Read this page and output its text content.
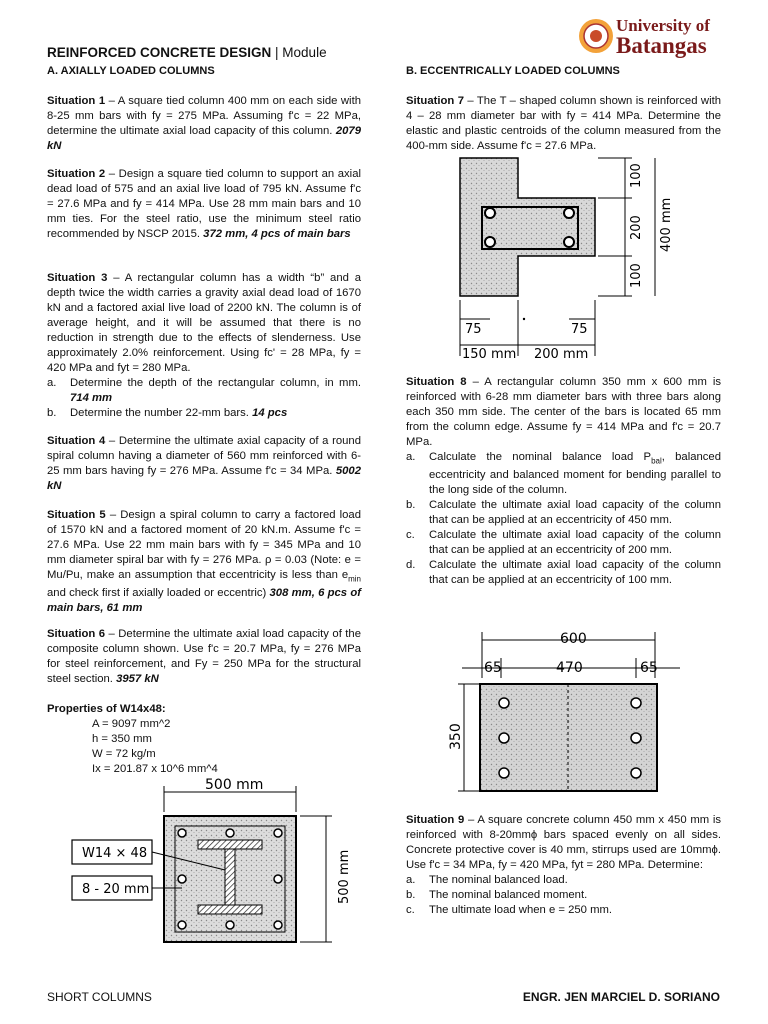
University of
Batangas
REINFORCED CONCRETE DESIGN | Module
A. AXIALLY LOADED COLUMNS
Situation 1 – A square tied column 400 mm on each side with 8-25 mm bars with fy = 275 MPa. Assuming f'c = 22 MPa, determine the ultimate axial load capacity of this column. 2079 kN
Situation 2 – Design a square tied column to support an axial dead load of 575 and an axial live load of 795 kN. Assume f'c = 27.6 MPa and fy = 414 MPa. Use 28 mm main bars and 10 mm ties. For the steel ratio, use the minimum steel ratio recommended by NSCP 2015. 372 mm, 4 pcs of main bars
Situation 3 – A rectangular column has a width “b” and a depth twice the width carries a gravity axial dead load of 1670 kN and a factored axial live load of 2200 kN. The column is of average height, and it will be assumed that there is no reduction in strength due to the effects of slenderness. Use approximately 2.0% reinforcement. Using fc' = 28 MPa, fy = 420 MPa and fyt = 280 MPa.
a.	Determine the depth of the rectangular column, in mm. 714 mm
b.	Determine the number 22-mm bars. 14 pcs
Situation 4 – Determine the ultimate axial capacity of a round spiral column having a diameter of 560 mm reinforced with 6-25 mm bars having fy = 276 MPa. Assume f'c = 34 MPa. 5002 kN
Situation 5 – Design a spiral column to carry a factored load of 1570 kN and a factored moment of 20 kN.m. Assume f'c = 27.6 MPa. Use 22 mm main bars with fy = 345 MPa and 10 mm diameter spiral bar with fy = 276 MPa. ρ = 0.03 (Note: e = Mu/Pu, make an assumption that eccentricity is less than $e_{min}$ and check first if axially loaded or eccentric) 308 mm, 6 pcs of main bars, 61 mm
Situation 6 – Determine the ultimate axial load capacity of the composite column shown. Use f'c = 20.7 MPa, fy = 276 MPa for steel reinforcement, and Fy = 250 MPa for the structural steel section. 3957 kN
Properties of W14x48:
A = 9097 mm^2
h = 350 mm
W = 72 kg/m
Ix = 201.87 x 10^6 mm^4
500 mm
500 mm
W14 × 48
8 - 20 mm
B. ECCENTRICALLY LOADED COLUMNS
Situation 7 – The T – shaped column shown is reinforced with 4 – 28 mm diameter bar with fy = 414 MPa. Determine the elastic and plastic centroids of the column measured from the 400-mm side. Assume f'c = 27.6 MPa.
100
200
100
400 mm
75	75
150 mm 200 mm
Situation 8 – A rectangular column 350 mm x 600 mm is reinforced with 6-28 mm diameter bars with three bars along each 350 mm side. The center of the bars is located 65 mm from the column edge. Assume fy = 414 MPa and f'c = 20.7 MPa.
a.	Calculate the nominal balance load $P_{bal}$, balanced eccentricity and balanced moment for bending parallel to the long side of the column.
b.	Calculate the ultimate axial load capacity of the column that can be applied at an eccentricity of 450 mm.
c.	Calculate the ultimate axial load capacity of the column that can be applied at an eccentricity of 200 mm.
d.	Calculate the ultimate axial load capacity of the column that can be applied at an eccentricity of 100 mm.
600
65	470	65
350
Situation 9 – A square concrete column 450 mm x 450 mm is reinforced with 8-20mmϕ bars spaced evenly on all sides. Concrete protective cover is 40 mm, stirrups used are 10mmϕ. Use f'c = 34 MPa, fy = 420 MPa, fyt = 280 MPa. Determine:
a.	The nominal balanced load.
b.	The nominal balanced moment.
c.	The ultimate load when e = 250 mm.
SHORT COLUMNS	ENGR. JEN MARCIEL D. SORIANO
